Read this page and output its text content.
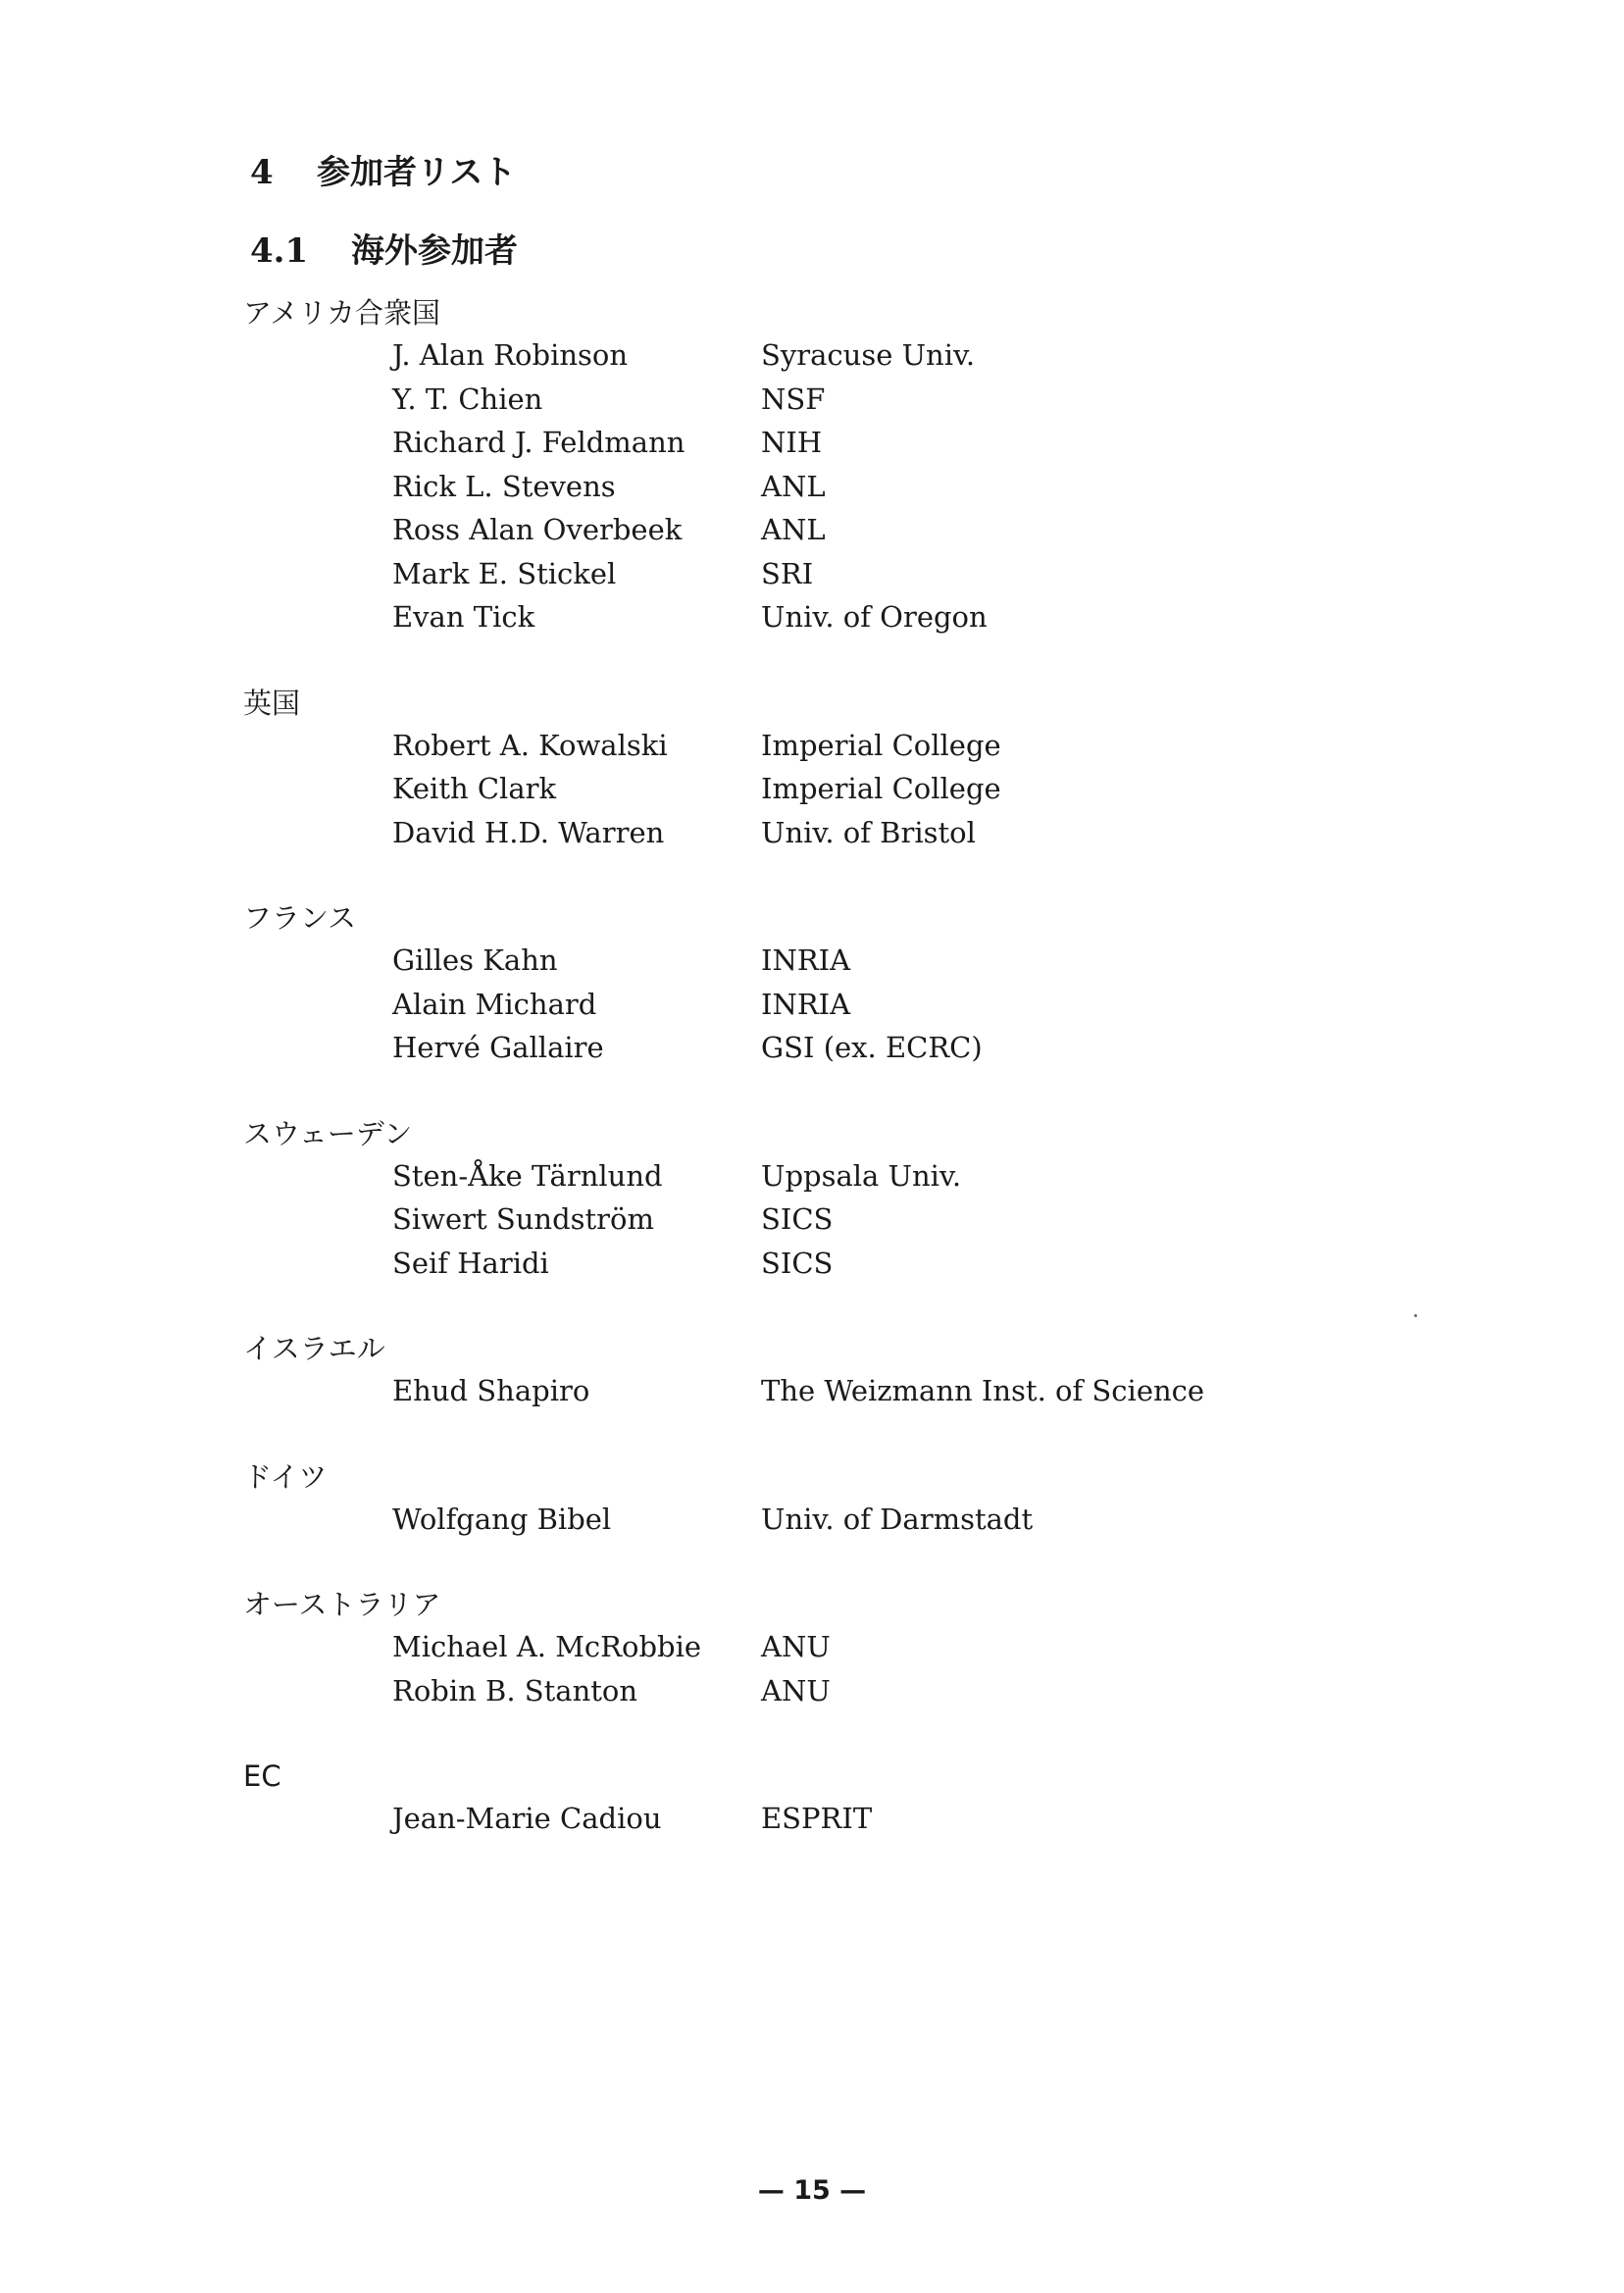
4	参加者リスト
4.1	海外参加者
アメリカ合衆国
J. Alan Robinson	Syracuse Univ.
Y. T. Chien	NSF
Richard J. Feldmann	NIH
Rick L. Stevens	ANL
Ross Alan Overbeek	ANL
Mark E. Stickel	SRI
Evan Tick	Univ. of Oregon
英国
Robert A. Kowalski	Imperial College
Keith Clark	Imperial College
David H.D. Warren	Univ. of Bristol
フランス
Gilles Kahn	INRIA
Alain Michard	INRIA
Hervé Gallaire	GSI (ex. ECRC)
スウェーデン
Sten-Åke Tärnlund	Uppsala Univ.
Siwert Sundström	SICS
Seif Haridi	SICS
イスラエル
Ehud Shapiro	The Weizmann Inst. of Science
ドイツ
Wolfgang Bibel	Univ. of Darmstadt
オーストラリア
Michael A. McRobbie	ANU
Robin B. Stanton	ANU
EC
Jean-Marie Cadiou	ESPRIT
— 15 —
